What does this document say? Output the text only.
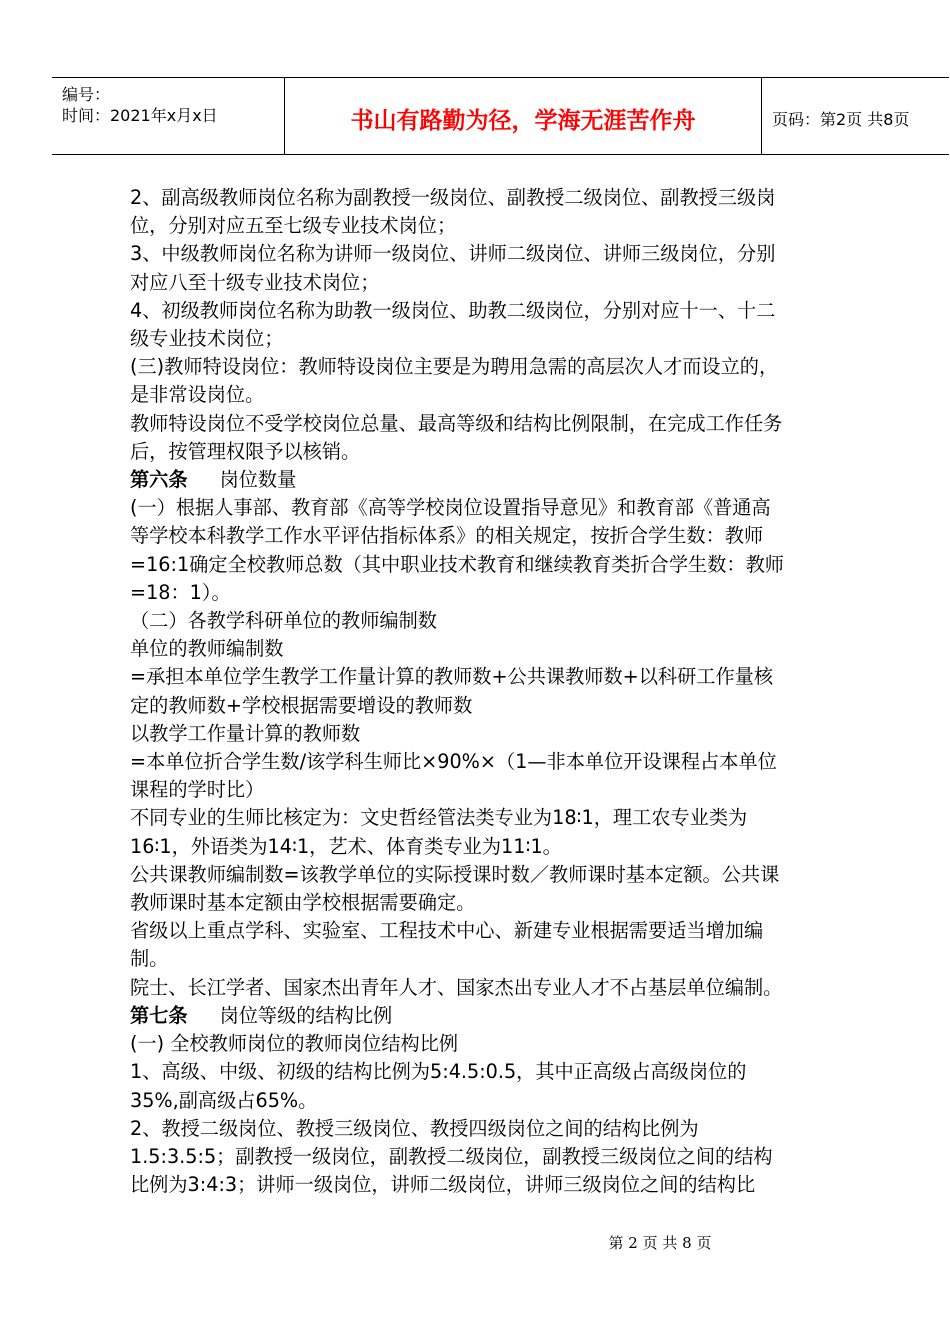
编号：
时间：2021年x月x日	书山有路勤为径，学海无涯苦作舟	页码：第2页 共8页

2、副高级教师岗位名称为副教授一级岗位、副教授二级岗位、副教授三级岗

位，分别对应五至七级专业技术岗位；

3、中级教师岗位名称为讲师一级岗位、讲师二级岗位、讲师三级岗位，分别

对应八至十级专业技术岗位；

4、初级教师岗位名称为助教一级岗位、助教二级岗位，分别对应十一、十二

级专业技术岗位；

(三)教师特设岗位：教师特设岗位主要是为聘用急需的高层次人才而设立的，

是非常设岗位。

教师特设岗位不受学校岗位总量、最高等级和结构比例限制，在完成工作任务

后，按管理权限予以核销。

第六条 岗位数量

(一）根据人事部、教育部《高等学校岗位设置指导意见》和教育部《普通高

等学校本科教学工作水平评估指标体系》的相关规定，按折合学生数：教师

=16:1确定全校教师总数（其中职业技术教育和继续教育类折合学生数：教师

=18：1）。

（二）各教学科研单位的教师编制数

单位的教师编制数

=承担本单位学生教学工作量计算的教师数+公共课教师数+以科研工作量核

定的教师数+学校根据需要增设的教师数

以教学工作量计算的教师数

=本单位折合学生数/该学科生师比×90%×（1—非本单位开设课程占本单位

课程的学时比）

不同专业的生师比核定为：文史哲经管法类专业为18∶1，理工农专业类为

16∶1，外语类为14∶1，艺术、体育类专业为11∶1。

公共课教师编制数=该教学单位的实际授课时数／教师课时基本定额。公共课

教师课时基本定额由学校根据需要确定。

省级以上重点学科、实验室、工程技术中心、新建专业根据需要适当增加编

制。

院士、长江学者、国家杰出青年人才、国家杰出专业人才不占基层单位编制。

第七条 岗位等级的结构比例

(一) 全校教师岗位的教师岗位结构比例

1、高级、中级、初级的结构比例为5:4.5:0.5，其中正高级占高级岗位的

35%,副高级占65%。

2、教授二级岗位、教授三级岗位、教授四级岗位之间的结构比例为

1.5:3.5:5；副教授一级岗位，副教授二级岗位，副教授三级岗位之间的结构

比例为3:4:3；讲师一级岗位，讲师二级岗位，讲师三级岗位之间的结构比

第 2 页 共 8 页
